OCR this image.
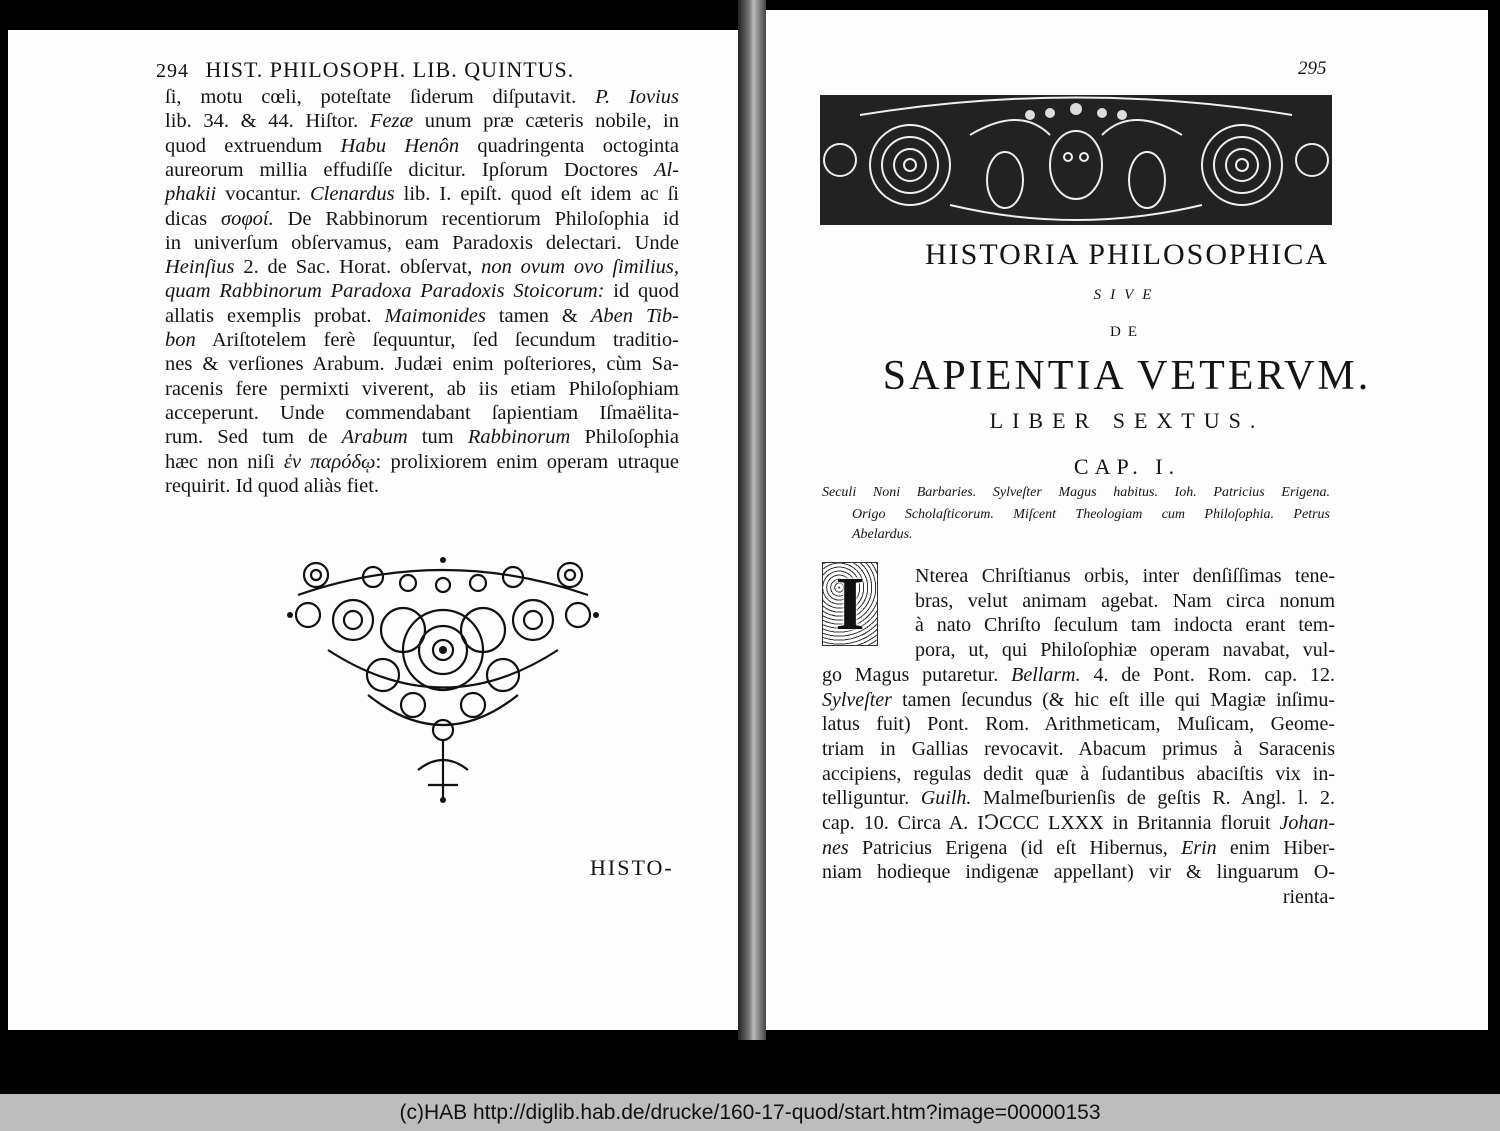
294 HIST. PHILOSOPH. LIB. QUINTUS.
ſi, motu cœli, poteſtate ſiderum diſputavit. P. Iovius
lib. 34. & 44. Hiſtor. Fezæ unum præ cæteris nobile, in
quod extruendum Habu Henôn quadringenta octoginta
aureorum millia effudiſſe dicitur. Ipſorum Doctores Al-
phakii vocantur. Clenardus lib. I. epiſt. quod eſt idem ac ſi
dicas σοφοί. De Rabbinorum recentiorum Philoſophia id
in univerſum obſervamus, eam Paradoxis delectari. Unde
Heinſius 2. de Sac. Horat. obſervat, non ovum ovo ſimilius,
quam Rabbinorum Paradoxa Paradoxis Stoicorum: id quod
allatis exemplis probat. Maimonides tamen & Aben Tib-
bon Ariſtotelem ferè ſequuntur, ſed ſecundum traditio-
nes & verſiones Arabum. Judæi enim poſteriores, cùm Sa-
racenis fere permixti viverent, ab iis etiam Philoſophiam
acceperunt. Unde commendabant ſapientiam Iſmaëlita-
rum. Sed tum de Arabum tum Rabbinorum Philoſophia
hæc non niſi ἐν παρόδῳ: prolixiorem enim operam utraque
requirit. Id quod aliàs fiet.
HISTO-
295
HISTORIA PHILOSOPHICA
SIVE
DE
SAPIENTIA VETERVM.
LIBER SEXTUS.
CAP. I.
Seculi Noni Barbaries. Sylveſter Magus habitus. Ioh. Patricius Erigena.
Origo Scholaſticorum. Miſcent Theologiam cum Philoſophia. Petrus
Abelardus.
I	Nterea Chriſtianus orbis, inter denſiſſimas tene-
bras, velut animam agebat. Nam circa nonum
à nato Chriſto ſeculum tam indocta erant tem-
pora, ut, qui Philoſophiæ operam navabat, vul-
go Magus putaretur. Bellarm. 4. de Pont. Rom. cap. 12.
Sylveſter tamen ſecundus (& hic eſt ille qui Magiæ inſimu-
latus fuit) Pont. Rom. Arithmeticam, Muſicam, Geome-
triam in Gallias revocavit. Abacum primus à Saracenis
accipiens, regulas dedit quæ à ſudantibus abaciſtis vix in-
telliguntur. Guilh. Malmeſburienſis de geſtis R. Angl. l. 2.
cap. 10. Circa A. IↃCCC LXXX in Britannia floruit Johan-
nes Patricius Erigena (id eſt Hibernus, Erin enim Hiber-
niam hodieque indigenæ appellant) vir & linguarum O-
rienta-
(c)HAB http://diglib.hab.de/drucke/160-17-quod/start.htm?image=00000153
